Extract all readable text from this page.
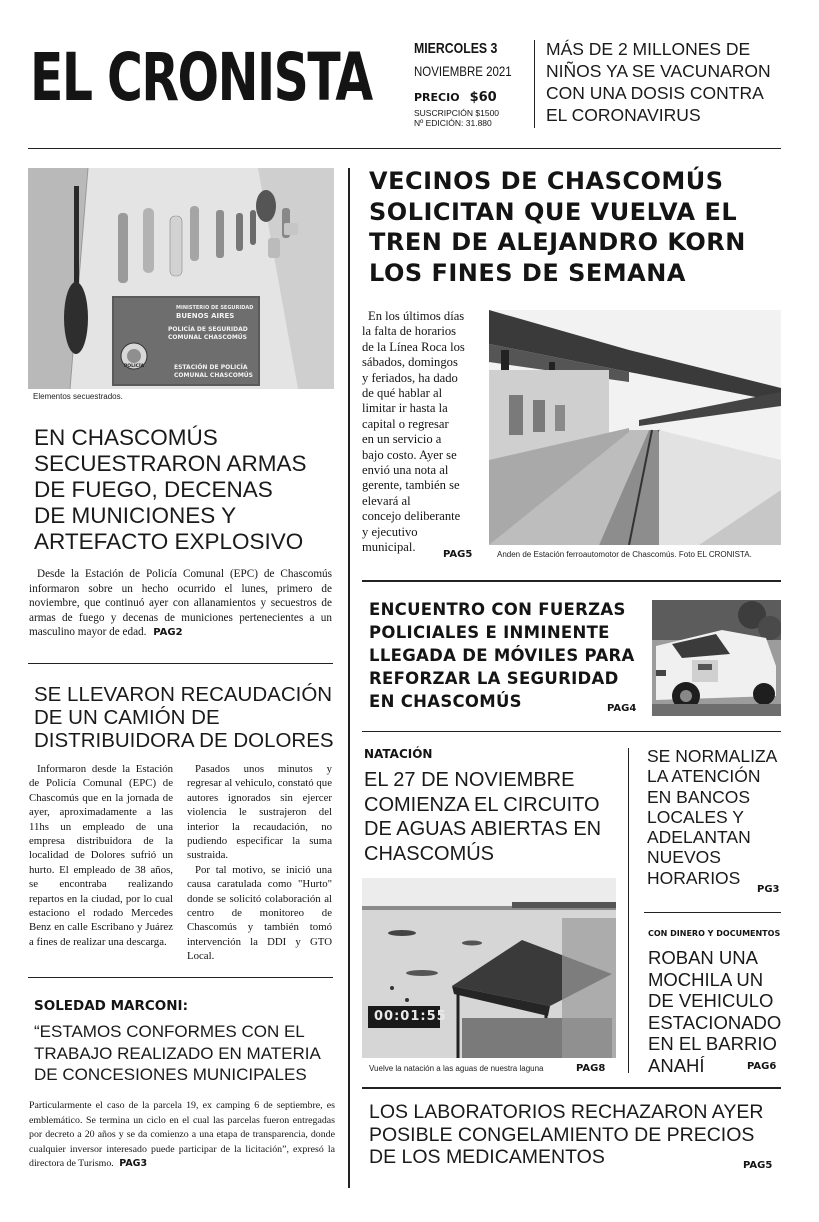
EL CRONISTA	MIERCOLES 3
NOVIEMBRE 2021
PRECIO $60
SUSCRIPCIÓN $1500
Nº EDICIÓN: 31.880
MÁS DE 2 MILLONES DE
NIÑOS YA SE VACUNARON
CON UNA DOSIS CONTRA
EL CORONAVIRUS
MINISTERIO DE SEGURIDAD
BUENOS AIRES
POLICÍA DE SEGURIDAD
COMUNAL CHASCOMÚS
ESTACIÓN DE POLICÍA
COMUNAL CHASCOMÚS
POLICÍA
Elementos secuestrados.
EN CHASCOMÚS
SECUESTRARON ARMAS
DE FUEGO, DECENAS
DE MUNICIONES Y
ARTEFACTO EXPLOSIVO
Desde la Estación de Policía Comunal (EPC) de Chascomús informaron sobre un hecho ocurrido el lunes, primero de noviembre, que continuó ayer con allanamientos y secuestros de armas de fuego y decenas de municiones pertenecientes a un masculino mayor de edad. PAG2
SE LLEVARON RECAUDACIÓN
DE UN CAMIÓN DE
DISTRIBUIDORA DE DOLORES
Informaron desde la Estación de Policía Comunal (EPC) de Chascomús que en la jornada de ayer, aproximadamente a las 11hs un empleado de una empresa distribuidora de la localidad de Dolores sufrió un hurto. El empleado de 38 años, se encontraba realizando repartos en la ciudad, por lo cual estaciono el rodado Mercedes Benz en calle Escribano y Juárez a fines de realizar una descarga.
Pasados unos minutos y regresar al vehiculo, constató que autores ignorados sin ejercer violencia le sustrajeron del interior la recaudación, no pudiendo especificar la suma sustraida.
Por tal motivo, se inició una causa caratulada como "Hurto" donde se solicitó colaboración al centro de monitoreo de Chascomús y también tomó intervención la DDI y GTO Local.
SOLEDAD MARCONI:
“ESTAMOS CONFORMES CON EL
TRABAJO REALIZADO EN MATERIA
DE CONCESIONES MUNICIPALES
Particularmente el caso de la parcela 19, ex camping 6 de septiembre, es emblemático. Se termina un ciclo en el cual las parcelas fueron entregadas por decreto a 20 años y se da comienzo a una etapa de transparencia, donde cualquier inversor interesado puede participar de la licitación”, expresó la directora de Turismo. PAG3
VECINOS DE CHASCOMÚS
SOLICITAN QUE VUELVA EL
TREN DE ALEJANDRO KORN
LOS FINES DE SEMANA
En los últimos días
la falta de horarios
de la Línea Roca los
sábados, domingos
y feriados, ha dado
de qué hablar al
limitar ir hasta la
capital o regresar
en un servicio a
bajo costo. Ayer se
envió una nota al
gerente, también se
elevará al
concejo deliberante
y ejecutivo
municipal.
PAG5	Anden de Estación ferroautomotor de Chascomús. Foto EL CRONISTA.
ENCUENTRO CON FUERZAS
POLICIALES E INMINENTE
LLEGADA DE MÓVILES PARA
REFORZAR LA SEGURIDAD
EN CHASCOMÚS	PAG4
NATACIÓN
EL 27 DE NOVIEMBRE
COMIENZA EL CIRCUITO
DE AGUAS ABIERTAS EN
CHASCOMÚS
00:01:55
Vuelve la natación a las aguas de nuestra laguna	PAG8
SE NORMALIZA
LA ATENCIÓN
EN BANCOS
LOCALES Y
ADELANTAN
NUEVOS
HORARIOS
PG3
CON DINERO Y DOCUMENTOS
ROBAN UNA
MOCHILA UN
DE VEHICULO
ESTACIONADO
EN EL BARRIO
ANAHÍ	PAG6
LOS LABORATORIOS RECHAZARON AYER
POSIBLE CONGELAMIENTO DE PRECIOS
DE LOS MEDICAMENTOS	PAG5
